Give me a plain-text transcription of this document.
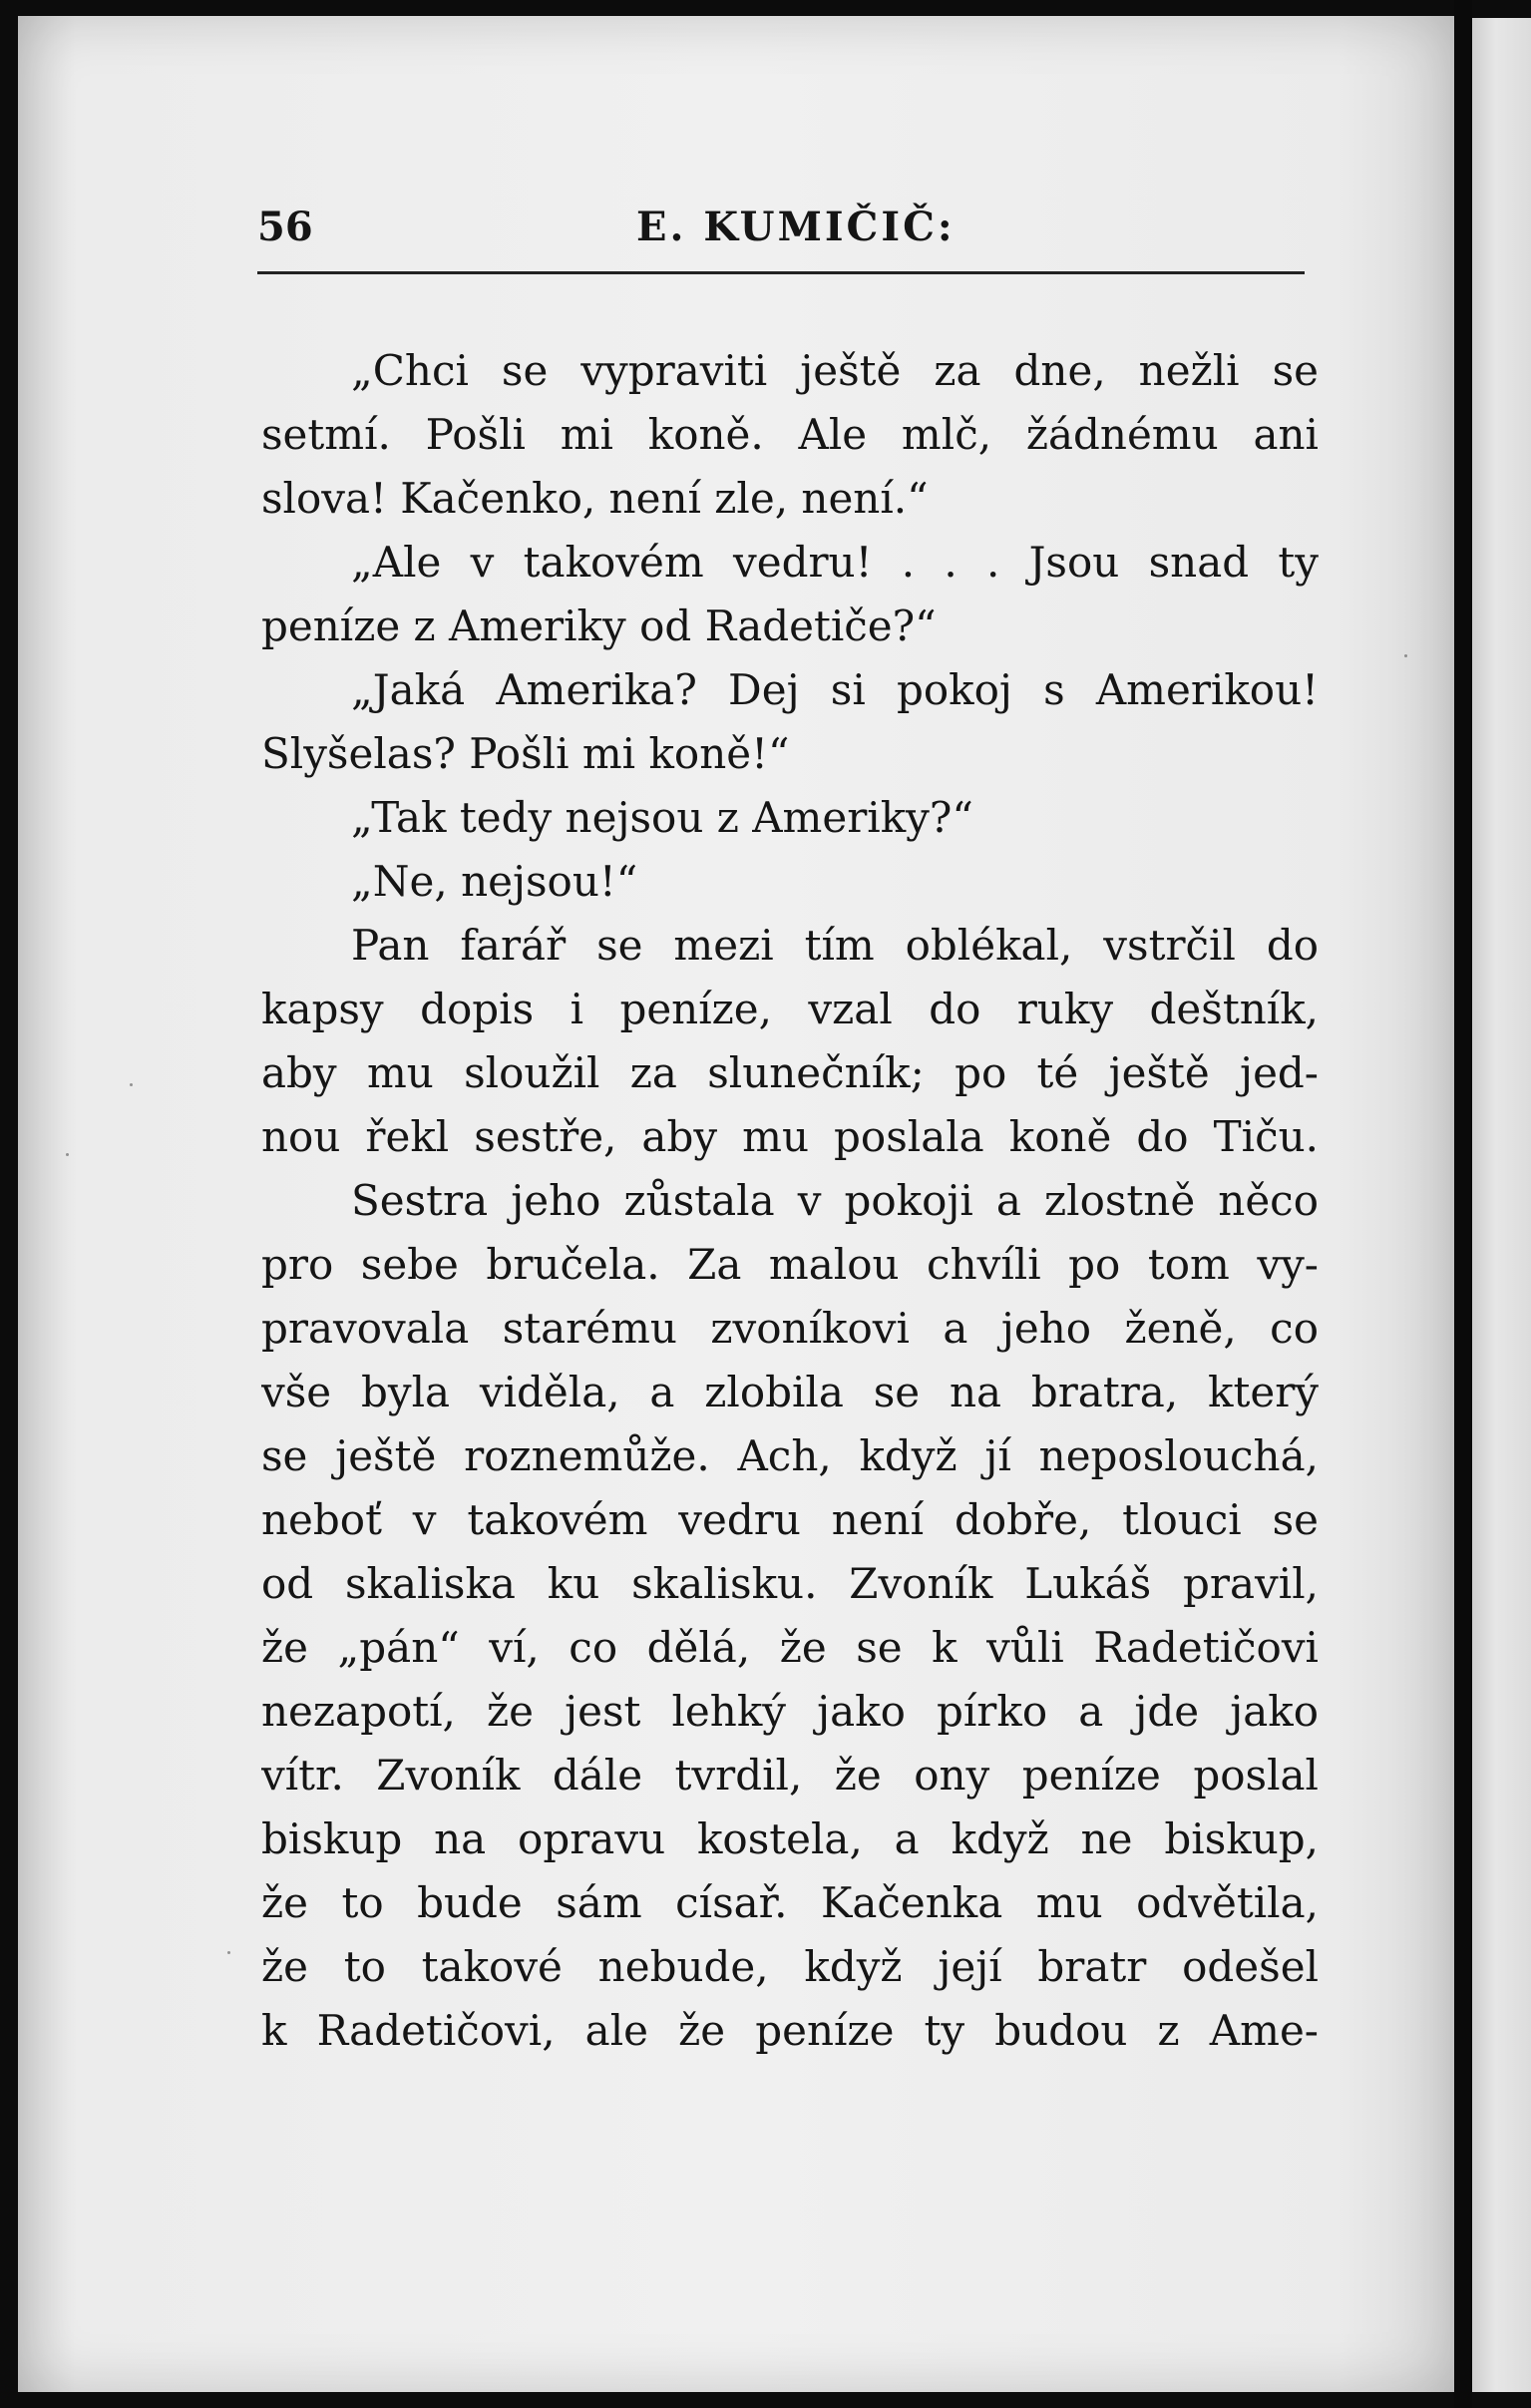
56	E. KUMIČIČ:
„Chci se vypraviti ještě za dne, nežli se
setmí. Pošli mi koně. Ale mlč, žádnému ani
slova! Kačenko, není zle, není.“
„Ale v takovém vedru! . . . Jsou snad ty
peníze z Ameriky od Radetiče?“
„Jaká Amerika? Dej si pokoj s Amerikou!
Slyšelas? Pošli mi koně!“
„Tak tedy nejsou z Ameriky?“
„Ne, nejsou!“
Pan farář se mezi tím oblékal, vstrčil do
kapsy dopis i peníze, vzal do ruky deštník,
aby mu sloužil za slunečník; po té ještě jed-
nou řekl sestře, aby mu poslala koně do Tiču.
Sestra jeho zůstala v pokoji a zlostně něco
pro sebe bručela. Za malou chvíli po tom vy-
pravovala starému zvoníkovi a jeho ženě, co
vše byla viděla, a zlobila se na bratra, který
se ještě roznemůže. Ach, když jí neposlouchá,
neboť v takovém vedru není dobře, tlouci se
od skaliska ku skalisku. Zvoník Lukáš pravil,
že „pán“ ví, co dělá, že se k vůli Radetičovi
nezapotí, že jest lehký jako pírko a jde jako
vítr. Zvoník dále tvrdil, že ony peníze poslal
biskup na opravu kostela, a když ne biskup,
že to bude sám císař. Kačenka mu odvětila,
že to takové nebude, když její bratr odešel
k Radetičovi, ale že peníze ty budou z Ame-
